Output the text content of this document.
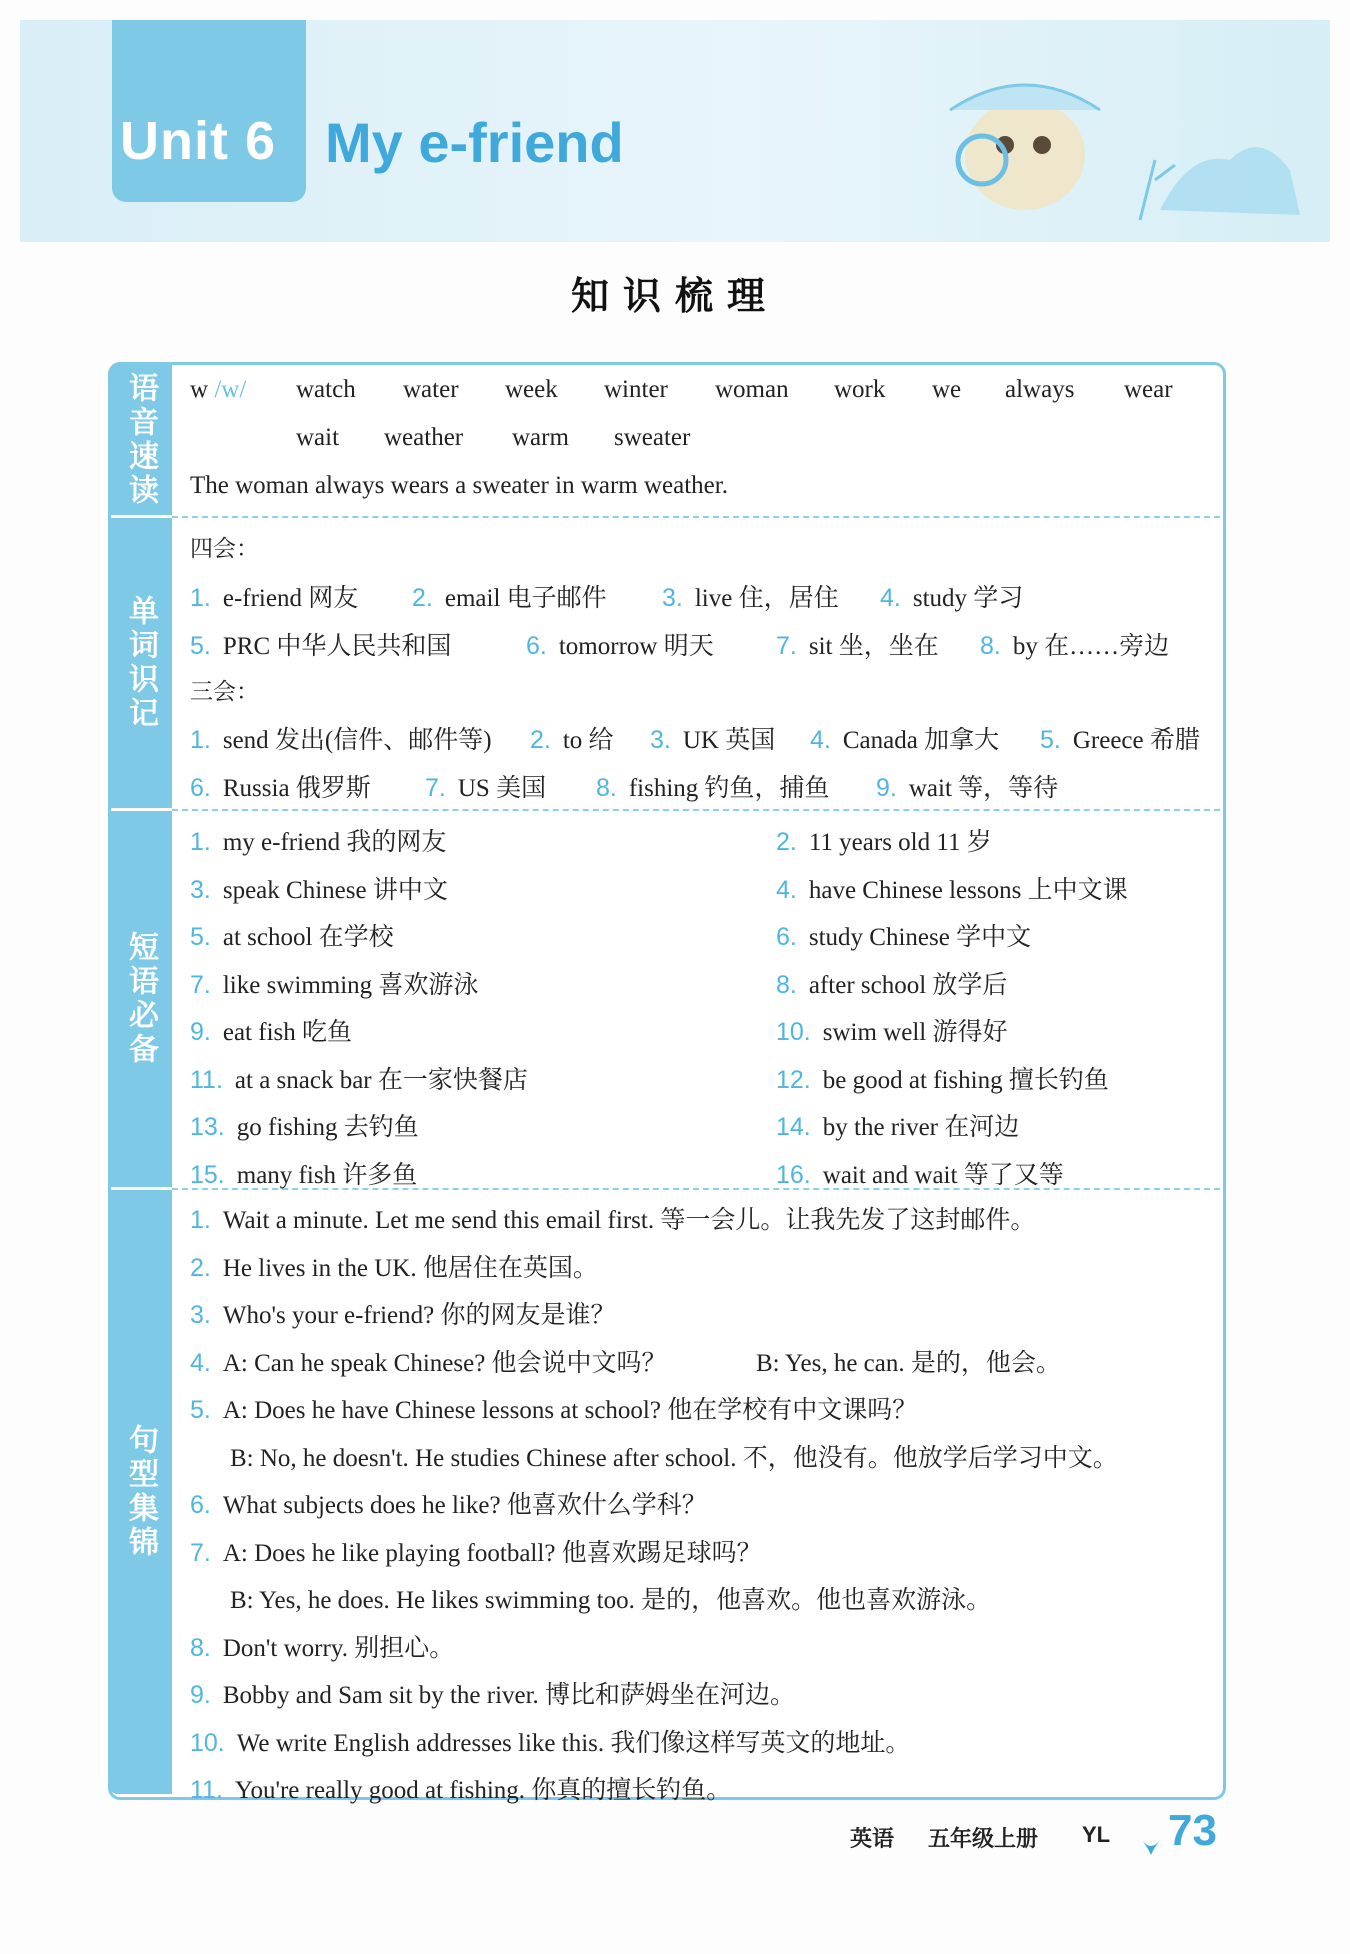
Unit 6 My e-friend
知识梳理
语音速读
单词识记
短语必备
句型集锦
w /w/ watch water week winter woman work we always wear
wait weather warm sweater
The woman always wears a sweater in warm weather.
四会：
1. e-friend 网友 2. email 电子邮件 3. live 住，居住 4. study 学习
5. PRC 中华人民共和国	6. tomorrow 明天 7. sit 坐，坐在 8. by 在……旁边
三会：
1. send 发出(信件、邮件等) 2. to 给 3. UK 英国 4. Canada 加拿大 5. Greece 希腊
6. Russia 俄罗斯 7. US 美国 8. fishing 钓鱼，捕鱼 9. wait 等，等待
1. my e-friend 我的网友	2. 11 years old 11 岁
3. speak Chinese 讲中文	4. have Chinese lessons 上中文课
5. at school 在学校	6. study Chinese 学中文
7. like swimming 喜欢游泳	8. after school 放学后
9. eat fish 吃鱼	10. swim well 游得好
11. at a snack bar 在一家快餐店	12. be good at fishing 擅长钓鱼
13. go fishing 去钓鱼	14. by the river 在河边
15. many fish 许多鱼	16. wait and wait 等了又等
1. Wait a minute. Let me send this email first. 等一会儿。让我先发了这封邮件。
2. He lives in the UK. 他居住在英国。
3. Who's your e-friend? 你的网友是谁？
4. A: Can he speak Chinese? 他会说中文吗？	B: Yes, he can. 是的，他会。
5. A: Does he have Chinese lessons at school? 他在学校有中文课吗？
B: No, he doesn't. He studies Chinese after school. 不，他没有。他放学后学习中文。
6. What subjects does he like? 他喜欢什么学科？
7. A: Does he like playing football? 他喜欢踢足球吗？
B: Yes, he does. He likes swimming too. 是的，他喜欢。他也喜欢游泳。
8. Don't worry. 别担心。
9. Bobby and Sam sit by the river. 博比和萨姆坐在河边。
10. We write English addresses like this. 我们像这样写英文的地址。
11. You're really good at fishing. 你真的擅长钓鱼。
英语 五年级上册 YL 73
